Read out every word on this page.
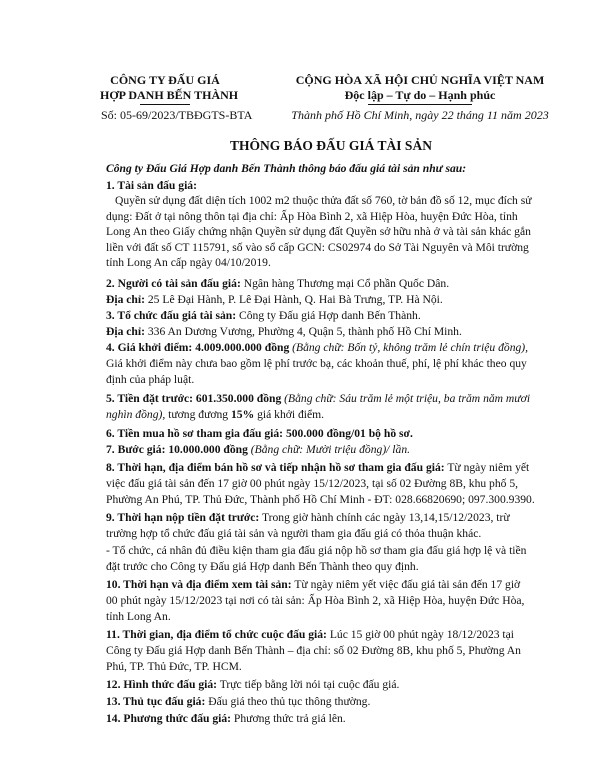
CÔNG TY ĐẤU GIÁ
HỢP DANH BẾN THÀNH
Số: 05-69/2023/TBĐGTS-BTA
CỘNG HÒA XÃ HỘI CHỦ NGHĨA VIỆT NAM
Độc lập – Tự do – Hạnh phúc
Thành phố Hồ Chí Minh, ngày 22 tháng 11 năm 2023
THÔNG BÁO ĐẤU GIÁ TÀI SẢN
Công ty Đấu Giá Hợp danh Bến Thành thông báo đấu giá tài sản như sau:
1. Tài sản đấu giá:
Quyền sử dụng đất diện tích 1002 m2 thuộc thửa đất số 760, tờ bản đồ số 12, mục đích sử
dụng: Đất ở tại nông thôn tại địa chỉ: Ấp Hòa Bình 2, xã Hiệp Hòa, huyện Đức Hòa, tỉnh
Long An theo Giấy chứng nhận Quyền sử dụng đất Quyền sở hữu nhà ở và tài sản khác gắn
liền với đất số CT 115791, số vào sổ cấp GCN: CS02974 do Sở Tài Nguyên và Môi trường
tỉnh Long An cấp ngày 04/10/2019.
2. Người có tài sản đấu giá: Ngân hàng Thương mại Cổ phần Quốc Dân.
Địa chỉ: 25 Lê Đại Hành, P. Lê Đại Hành, Q. Hai Bà Trưng, TP. Hà Nội.
3. Tổ chức đấu giá tài sản: Công ty Đấu giá Hợp danh Bến Thành.
Địa chỉ: 336 An Dương Vương, Phường 4, Quận 5, thành phố Hồ Chí Minh.
4. Giá khởi điểm: 4.009.000.000 đồng (Bằng chữ: Bốn tỷ, không trăm lẻ chín triệu đồng),
Giá khởi điểm này chưa bao gồm lệ phí trước bạ, các khoản thuế, phí, lệ phí khác theo quy
định của pháp luật.
5. Tiền đặt trước: 601.350.000 đồng (Bằng chữ: Sáu trăm lẻ một triệu, ba trăm năm mươi
nghìn đồng), tương đương 15% giá khởi điểm.
6. Tiền mua hồ sơ tham gia đấu giá: 500.000 đồng/01 bộ hồ sơ.
7. Bước giá: 10.000.000 đồng (Bằng chữ: Mười triệu đồng)/ lần.
8. Thời hạn, địa điểm bán hồ sơ và tiếp nhận hồ sơ tham gia đấu giá: Từ ngày niêm yết
việc đấu giá tài sản đến 17 giờ 00 phút ngày 15/12/2023, tại số 02 Đường 8B, khu phố 5,
Phường An Phú, TP. Thủ Đức, Thành phố Hồ Chí Minh - ĐT: 028.66820690; 097.300.9390.
9. Thời hạn nộp tiền đặt trước: Trong giờ hành chính các ngày 13,14,15/12/2023, trừ
trường hợp tổ chức đấu giá tài sản và người tham gia đấu giá có thỏa thuận khác.
- Tổ chức, cá nhân đủ điều kiện tham gia đấu giá nộp hồ sơ tham gia đấu giá hợp lệ và tiền
đặt trước cho Công ty Đấu giá Hợp danh Bến Thành theo quy định.
10. Thời hạn và địa điểm xem tài sản: Từ ngày niêm yết việc đấu giá tài sản đến 17 giờ
00 phút ngày 15/12/2023 tại nơi có tài sản: Ấp Hòa Bình 2, xã Hiệp Hòa, huyện Đức Hòa,
tỉnh Long An.
11. Thời gian, địa điểm tổ chức cuộc đấu giá: Lúc 15 giờ 00 phút ngày 18/12/2023 tại
Công ty Đấu giá Hợp danh Bến Thành – địa chỉ: số 02 Đường 8B, khu phố 5, Phường An
Phú, TP. Thủ Đức, TP. HCM.
12. Hình thức đấu giá: Trực tiếp bằng lời nói tại cuộc đấu giá.
13. Thủ tục đấu giá: Đấu giá theo thủ tục thông thường.
14. Phương thức đấu giá: Phương thức trả giá lên.
